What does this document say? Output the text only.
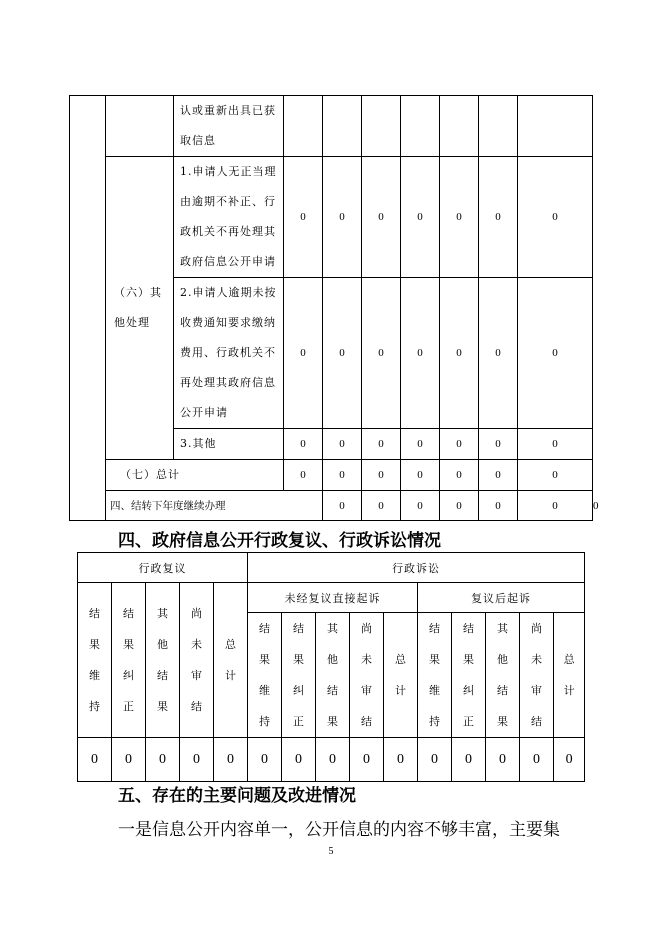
		认或重新出具已获取信息								
	（六）其他处理	1.申请人无正当理由逾期不补正、行政机关不再处理其政府信息公开申请	0	0	0	0	0	0	0	
		2.申请人逾期未按收费通知要求缴纳费用、行政机关不再处理其政府信息公开申请	0	0	0	0	0	0	0	
		3.其他	0	0	0	0	0	0	0	
	（七）总计		0	0	0	0	0	0	0	
	四、结转下年度继续办理			0	0	0	0	0	0	0
四、政府信息公开行政复议、行政诉讼情况
行政复议					行政诉讼									

结果维持	结果纠正	其他结果	尚未审结	总计	未经复议直接起诉					复议后起诉				

					结果维持	结果纠正	其他结果	尚未审结	总计	结果维持	结果纠正	其他结果	尚未审结	总计

0	0	0	0	0	0	0	0	0	0	0	0	0	0	0
五、存在的主要问题及改进情况
一是信息公开内容单一，公开信息的内容不够丰富，主要集
5
